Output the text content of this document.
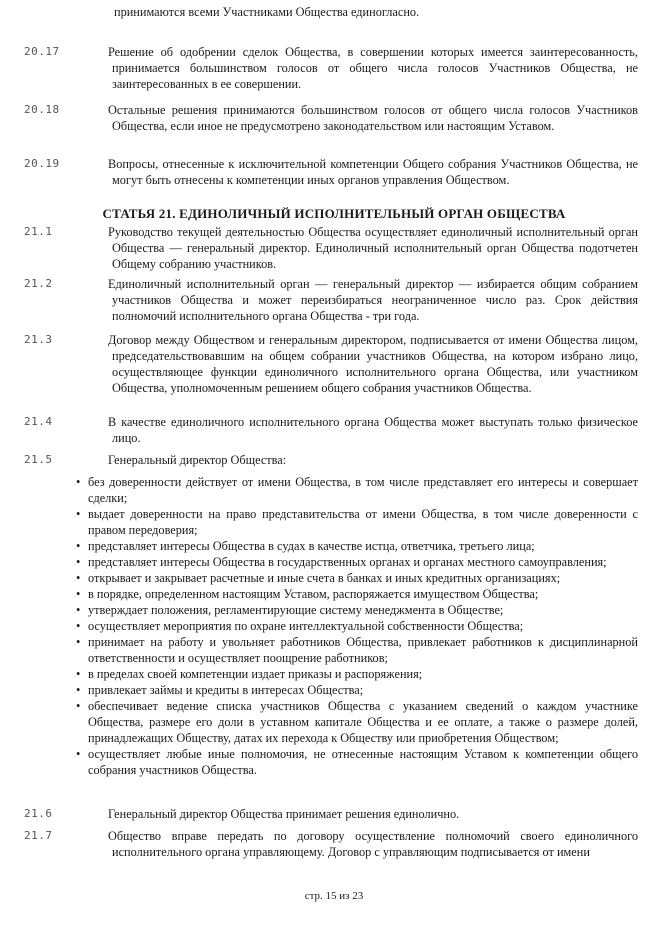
принимаются всеми Участниками Общества единогласно.
20.17	Решение об одобрении сделок Общества, в совершении которых имеется заинтересованность, принимается большинством голосов от общего числа голосов Участников Общества, не заинтересованных в ее совершении.
20.18	Остальные решения принимаются большинством голосов от общего числа голосов Участников Общества, если иное не предусмотрено законодательством или настоящим Уставом.
20.19	Вопросы, отнесенные к исключительной компетенции Общего собрания Участников Общества, не могут быть отнесены к компетенции иных органов управления Обществом.
СТАТЬЯ 21. ЕДИНОЛИЧНЫЙ ИСПОЛНИТЕЛЬНЫЙ ОРГАН ОБЩЕСТВА
21.1	Руководство текущей деятельностью Общества осуществляет единоличный исполнительный орган Общества — генеральный директор. Единоличный исполнительный орган Общества подотчетен Общему собранию участников.
21.2	Единоличный исполнительный орган — генеральный директор — избирается общим собранием участников Общества и может переизбираться неограниченное число раз. Срок действия полномочий исполнительного органа Общества - три года.
21.3	Договор между Обществом и генеральным директором, подписывается от имени Общества лицом, председательствовавшим на общем собрании участников Общества, на котором избрано лицо, осуществляющее функции единоличного исполнительного органа Общества, или участником Общества, уполномоченным решением общего собрания участников Общества.
21.4	В качестве единоличного исполнительного органа Общества может выступать только физическое лицо.
21.5	Генеральный директор Общества:
• без доверенности действует от имени Общества, в том числе представляет его интересы и совершает сделки;
• выдает доверенности на право представительства от имени Общества, в том числе доверенности с правом передоверия;
• представляет интересы Общества в судах в качестве истца, ответчика, третьего лица;
• представляет интересы Общества в государственных органах и органах местного самоуправления;
• открывает и закрывает расчетные и иные счета в банках и иных кредитных организациях;
• в порядке, определенном настоящим Уставом, распоряжается имуществом Общества;
• утверждает положения, регламентирующие систему менеджмента в Обществе;
• осуществляет мероприятия по охране интеллектуальной собственности Общества;
• принимает на работу и увольняет работников Общества, привлекает работников к дисциплинарной ответственности и осуществляет поощрение работников;
• в пределах своей компетенции издает приказы и распоряжения;
• привлекает займы и кредиты в интересах Общества;
• обеспечивает ведение списка участников Общества с указанием сведений о каждом участнике Общества, размере его доли в уставном капитале Общества и ее оплате, а также о размере долей, принадлежащих Обществу, датах их перехода к Обществу или приобретения Обществом;
• осуществляет любые иные полномочия, не отнесенные настоящим Уставом к компетенции общего собрания участников Общества.
21.6	Генеральный директор Общества принимает решения единолично.
21.7	Общество вправе передать по договору осуществление полномочий своего единоличного исполнительного органа управляющему. Договор с управляющим подписывается от имени
стр. 15 из 23
